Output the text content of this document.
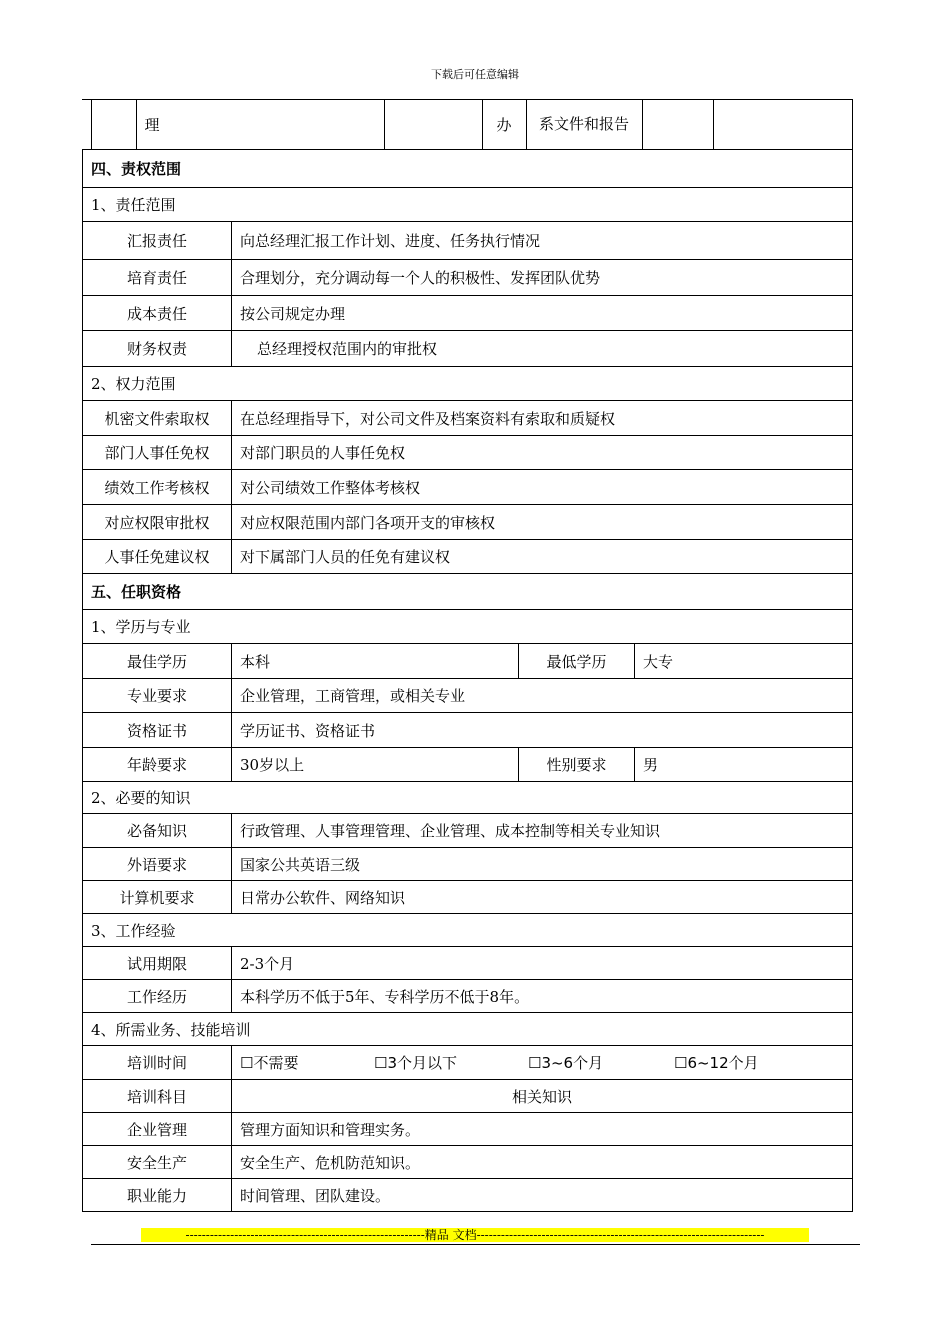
下载后可任意编辑
		理		办	系文件和报告		
四、责权范围			
1、责任范围			
汇报责任	向总经理汇报工作计划、进度、任务执行情况		
培育责任	合理划分，充分调动每一个人的积极性、发挥团队优势		
成本责任	按公司规定办理		
财务权责	总经理授权范围内的审批权		
2、权力范围			
机密文件索取权	在总经理指导下，对公司文件及档案资料有索取和质疑权		
部门人事任免权	对部门职员的人事任免权		
绩效工作考核权	对公司绩效工作整体考核权		
对应权限审批权	对应权限范围内部门各项开支的审核权		
人事任免建议权	对下属部门人员的任免有建议权		
五、任职资格			
1、学历与专业			
最佳学历	本科	最低学历	大专
专业要求	企业管理，工商管理，或相关专业		
资格证书	学历证书、资格证书		
年龄要求	30岁以上	性别要求	男
2、必要的知识			
必备知识	行政管理、人事管理管理、企业管理、成本控制等相关专业知识		
外语要求	国家公共英语三级		
计算机要求	日常办公软件、网络知识		
3、工作经验			
试用期限	2-3个月		
工作经历	本科学历不低于5年、专科学历不低于8年。		
4、所需业务、技能培训			
培训时间	☐不需要 ☐3个月以下 ☐3~6个月 ☐6~12个月		
培训科目	相关知识		
企业管理	管理方面知识和管理实务。		
安全生产	安全生产、危机防范知识。		
职业能力	时间管理、团队建设。		
-----------------------------------------------------------精品 文档-----------------------------------------------------------------------
